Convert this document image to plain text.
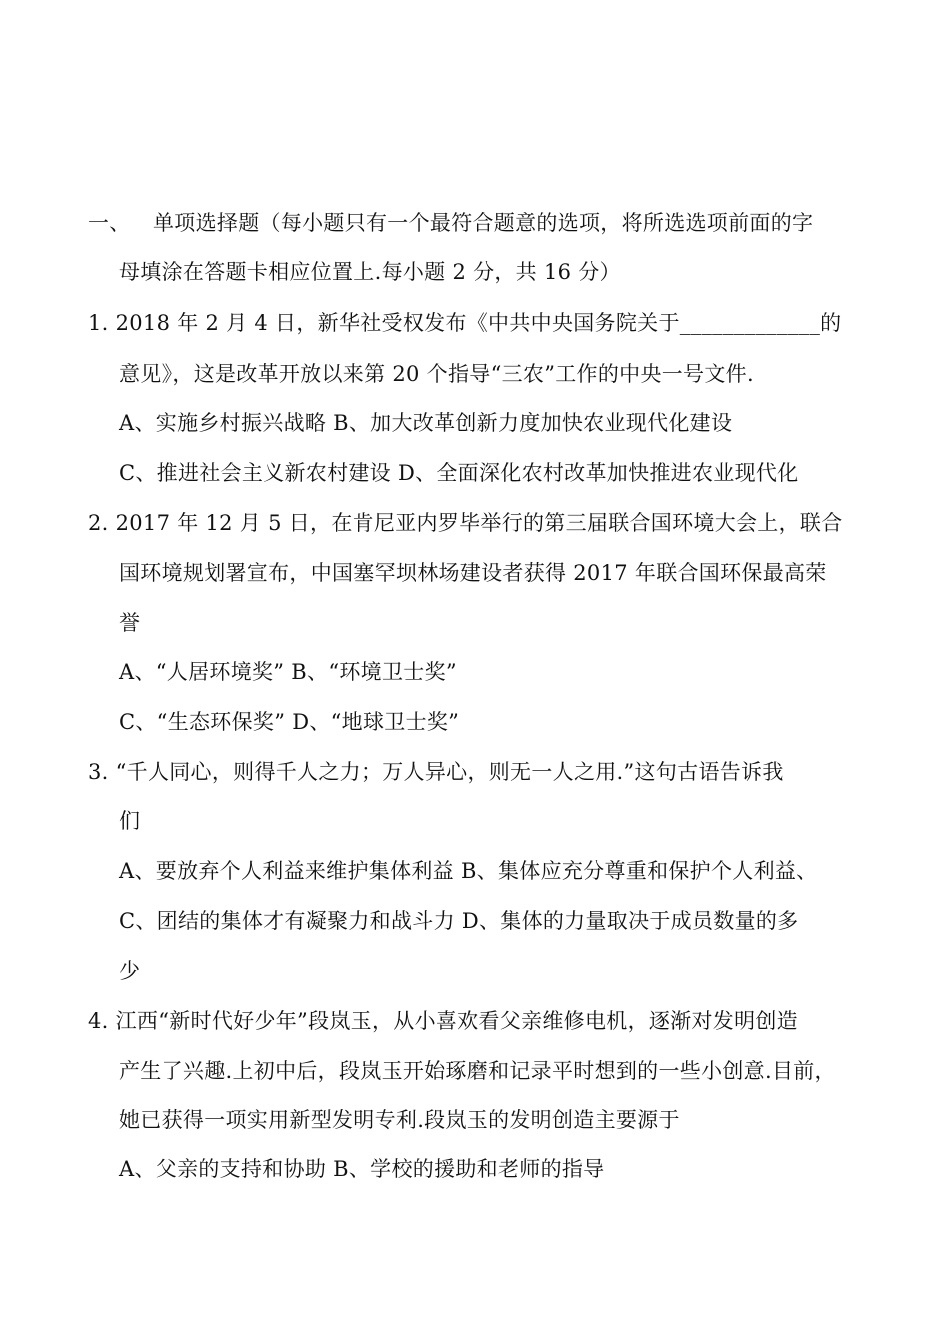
一、 单项选择题（每小题只有一个最符合题意的选项，将所选选项前面的字
母填涂在答题卡相应位置上.每小题 2 分，共 16 分）
1. 2018 年 2 月 4 日，新华社受权发布《中共中央国务院关于_____________的
意见》，这是改革开放以来第 20 个指导“三农”工作的中央一号文件.
A、实施乡村振兴战略 B、加大改革创新力度加快农业现代化建设
C、推进社会主义新农村建设 D、全面深化农村改革加快推进农业现代化
2. 2017 年 12 月 5 日，在肯尼亚内罗毕举行的第三届联合国环境大会上，联合
国环境规划署宣布，中国塞罕坝林场建设者获得 2017 年联合国环保最高荣
誉
A、“人居环境奖” B、“环境卫士奖”
C、“生态环保奖” D、“地球卫士奖”
3. “千人同心，则得千人之力；万人异心，则无一人之用.”这句古语告诉我
们
A、要放弃个人利益来维护集体利益 B、集体应充分尊重和保护个人利益、
C、团结的集体才有凝聚力和战斗力 D、集体的力量取决于成员数量的多
少
4. 江西“新时代好少年”段岚玉，从小喜欢看父亲维修电机，逐渐对发明创造
产生了兴趣.上初中后，段岚玉开始琢磨和记录平时想到的一些小创意.目前，
她已获得一项实用新型发明专利.段岚玉的发明创造主要源于
A、父亲的支持和协助 B、学校的援助和老师的指导
